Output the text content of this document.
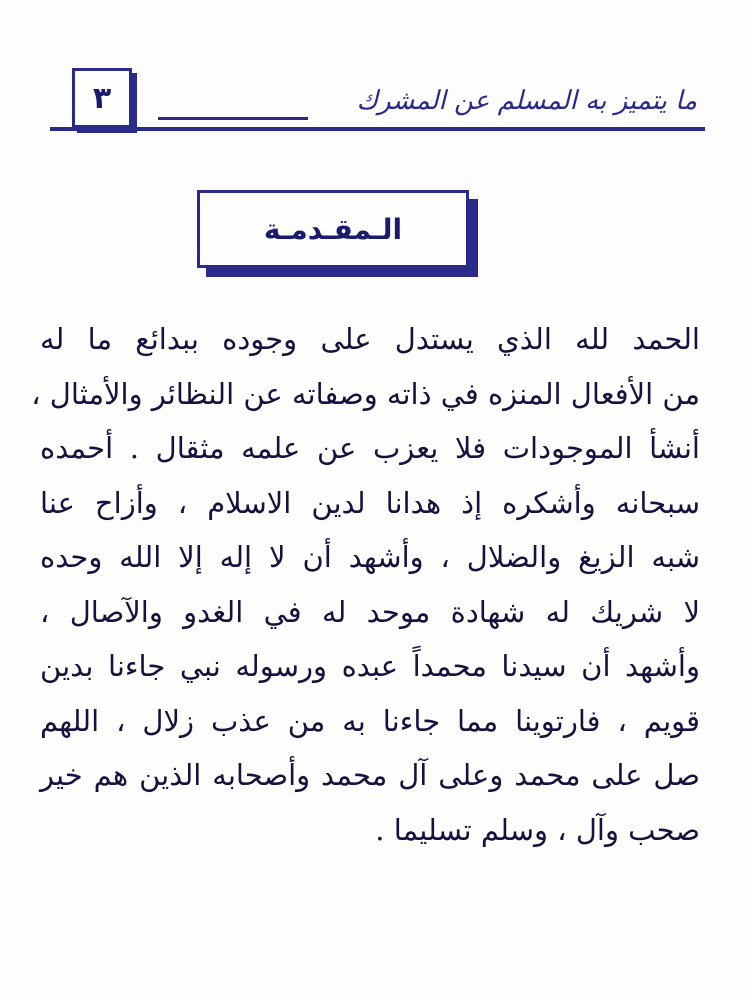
٣	ما يتميز به المسلم عن المشرك
الـمقـدمـة
الحمد لله الذي يستدل على وجوده ببدائع ما له
من الأفعال المنزه في ذاته وصفاته عن النظائر والأمثال ،
أنشأ الموجودات فلا يعزب عن علمه مثقال . أحمده
سبحانه وأشكره إذ هدانا لدين الاسلام ، وأزاح عنا
شبه الزيغ والضلال ، وأشهد أن لا إله إلا الله وحده
لا شريك له شهادة موحد له في الغدو والآصال ،
وأشهد أن سيدنا محمداً عبده ورسوله نبي جاءنا بدين
قويم ، فارتوينا مما جاءنا به من عذب زلال ، اللهم
صل على محمد وعلى آل محمد وأصحابه الذين هم خير
صحب وآل ، وسلم تسليما .
